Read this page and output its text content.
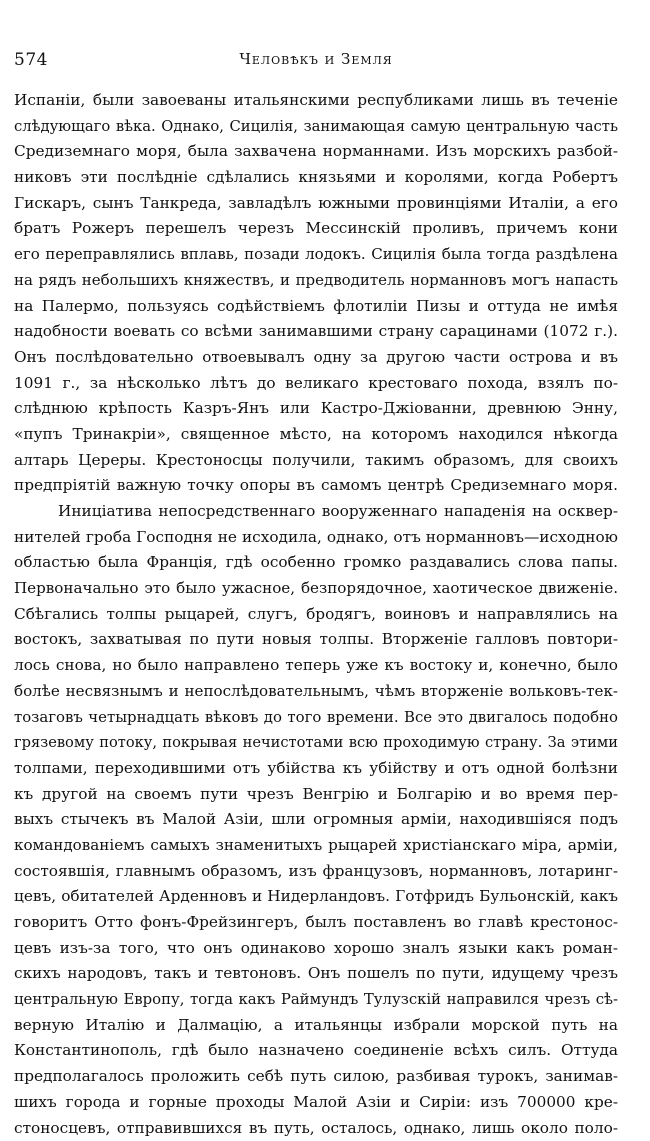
574	Человѣкъ и Земля
Испаніи, были завоеваны итальянскими республиками лишь въ теченіе
слѣдующаго вѣка. Однако, Сицилія, занимающая самую центральную часть
Средиземнаго моря, была захвачена норманнами. Изъ морскихъ разбой-
никовъ эти послѣдніе сдѣлались князьями и королями, когда Робертъ
Гискаръ, сынъ Танкреда, завладѣлъ южными провинціями Италіи, а его
братъ Рожеръ перешелъ черезъ Мессинскій проливъ, причемъ кони
его переправлялись вплавь, позади лодокъ. Сицилія была тогда раздѣлена
на рядъ небольшихъ княжествъ, и предводитель норманновъ могъ напасть
на Палермо, пользуясь содѣйствіемъ флотиліи Пизы и оттуда не имѣя
надобности воевать со всѣми занимавшими страну сарацинами (1072 г.).
Онъ послѣдовательно отвоевывалъ одну за другою части острова и въ
1091 г., за нѣсколько лѣтъ до великаго крестоваго похода, взялъ по-
слѣднюю крѣпость Казръ-Янъ или Кастро-Джіованни, древнюю Энну,
«пупъ Тринакріи», священное мѣсто, на которомъ находился нѣкогда
алтарь Цереры. Крестоносцы получили, такимъ образомъ, для своихъ
предпріятій важную точку опоры въ самомъ центрѣ Средиземнаго моря.
Иниціатива непосредственнаго вооруженнаго нападенія на осквер-
нителей гроба Господня не исходила, однако, отъ норманновъ—исходною
областью была Франція, гдѣ особенно громко раздавались слова папы.
Первоначально это было ужасное, безпорядочное, хаотическое движеніе.
Сбѣгались толпы рыцарей, слугъ, бродягъ, воиновъ и направлялись на
востокъ, захватывая по пути новыя толпы. Вторженіе галловъ повтори-
лось снова, но было направлено теперь уже къ востоку и, конечно, было
болѣе несвязнымъ и непослѣдовательнымъ, чѣмъ вторженіе вольковъ-тек-
тозаговъ четырнадцать вѣковъ до того времени. Все это двигалось подобно
грязевому потоку, покрывая нечистотами всю проходимую страну. За этими
толпами, переходившими отъ убійства къ убійству и отъ одной болѣзни
къ другой на своемъ пути чрезъ Венгрію и Болгарію и во время пер-
выхъ стычекъ въ Малой Азіи, шли огромныя арміи, находившіяся подъ
командованіемъ самыхъ знаменитыхъ рыцарей христіанскаго міра, арміи,
состоявшія, главнымъ образомъ, изъ французовъ, норманновъ, лотаринг-
цевъ, обитателей Арденновъ и Нидерландовъ. Готфридъ Бульонскій, какъ
говоритъ Отто фонъ-Фрейзингеръ, былъ поставленъ во главѣ крестонос-
цевъ изъ-за того, что онъ одинаково хорошо зналъ языки какъ роман-
скихъ народовъ, такъ и тевтоновъ. Онъ пошелъ по пути, идущему чрезъ
центральную Европу, тогда какъ Раймундъ Тулузскій направился чрезъ сѣ-
верную Италію и Далмацію, а итальянцы избрали морской путь на
Константинополь, гдѣ было назначено соединеніе всѣхъ силъ. Оттуда
предполагалось проложить себѣ путь силою, разбивая турокъ, занимав-
шихъ города и горные проходы Малой Азіи и Сиріи: изъ 700000 кре-
стоносцевъ, отправившихся въ путь, осталось, однако, лишь около поло-
